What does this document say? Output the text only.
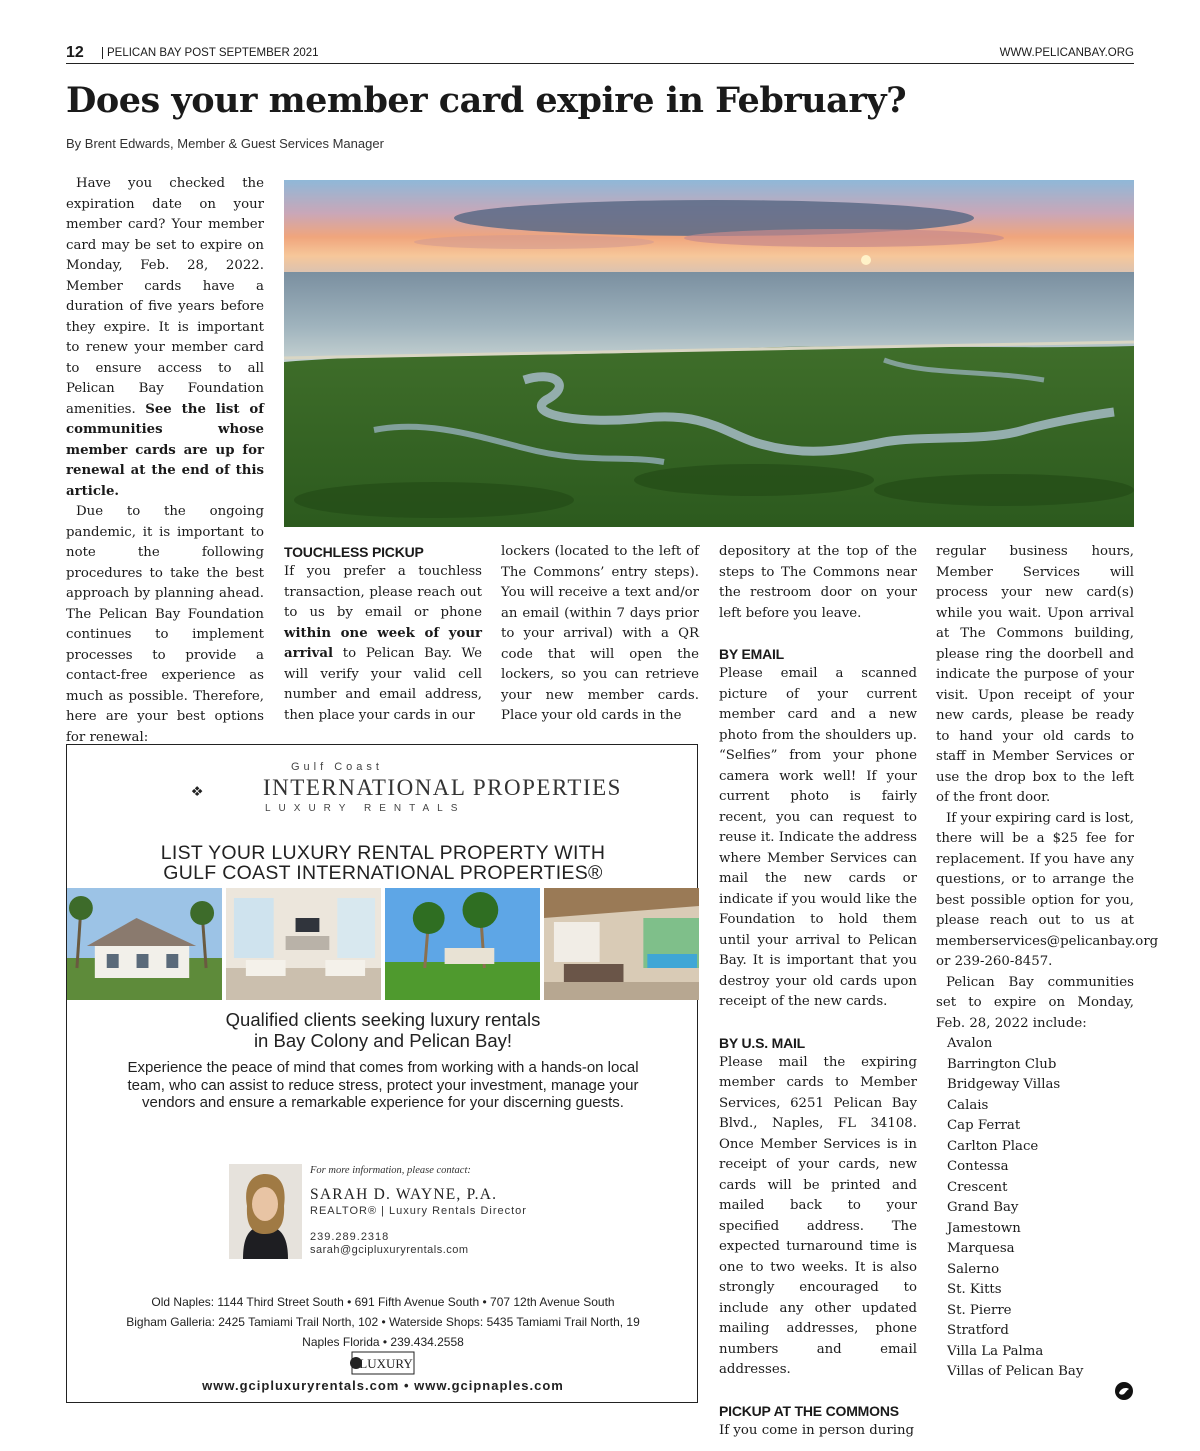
12	PELICAN BAY POST SEPTEMBER 2021	WWW.PELICANBAY.ORG
Does your member card expire in February?
By Brent Edwards, Member & Guest Services Manager

Have you checked the expiration date on your member card? Your member card may be set to expire on Monday, Feb. 28, 2022. Member cards have a duration of five years before they expire. It is important to renew your member card to ensure access to all Pelican Bay Foundation amenities. See the list of communities whose member cards are up for renewal at the end of this article.

Due to the ongoing pandemic, it is important to note the following procedures to take the best approach by planning ahead. The Pelican Bay Foundation continues to implement processes to provide a contact-free experience as much as possible. Therefore, here are your best options for renewal:

TOUCHLESS PICKUP

If you prefer a touchless transaction, please reach out to us by email or phone within one week of your arrival to Pelican Bay. We will verify your valid cell number and email address, then place your cards in our

lockers (located to the left of The Commons’ entry steps). You will receive a text and/or an email (within 7 days prior to your arrival) with a QR code that will open the lockers, so you can retrieve your new member cards. Place your old cards in the

depository at the top of the steps to The Commons near the restroom door on your left before you leave.

BY EMAIL

Please email a scanned picture of your current member card and a new photo from the shoulders up. “Selfies” from your phone camera work well! If your current photo is fairly recent, you can request to reuse it. Indicate the address where Member Services can mail the new cards or indicate if you would like the Foundation to hold them until your arrival to Pelican Bay. It is important that you destroy your old cards upon receipt of the new cards.

BY U.S. MAIL

Please mail the expiring member cards to Member Services, 6251 Pelican Bay Blvd., Naples, FL 34108. Once Member Services is in receipt of your cards, new cards will be printed and mailed back to your specified address. The expected turnaround time is one to two weeks. It is also strongly encouraged to include any other updated mailing addresses, phone numbers and email addresses.

PICKUP AT THE COMMONS

If you come in person during

regular business hours, Member Services will process your new card(s) while you wait. Upon arrival at The Commons building, please ring the doorbell and indicate the purpose of your visit. Upon receipt of your new cards, please be ready to hand your old cards to staff in Member Services or use the drop box to the left of the front door.

If your expiring card is lost, there will be a $25 fee for replacement. If you have any questions, or to arrange the best possible option for you, please reach out to us at memberservices@pelicanbay.org or 239-260-8457.

Pelican Bay communities set to expire on Monday, Feb. 28, 2022 include:

Avalon
Barrington Club
Bridgeway Villas
Calais
Cap Ferrat
Carlton Place
Contessa
Crescent
Grand Bay
Jamestown
Marquesa
Salerno
St. Kitts
St. Pierre
Stratford
Villa La Palma
Villas of Pelican Bay
Gulf Coast
INTERNATIONAL PROPERTIES
LUXURY RENTALS
LIST YOUR LUXURY RENTAL PROPERTY WITH
GULF COAST INTERNATIONAL PROPERTIES®
Qualified clients seeking luxury rentals
in Bay Colony and Pelican Bay!
Experience the peace of mind that comes from working with a hands-on local team, who can assist to reduce stress, protect your investment, manage your vendors and ensure a remarkable experience for your discerning guests.
For more information, please contact:
SARAH D. WAYNE, P.A.
REALTOR® | Luxury Rentals Director
239.289.2318
sarah@gcipluxuryrentals.com
Old Naples: 1144 Third Street South • 691 Fifth Avenue South • 707 12th Avenue South
Bigham Galleria: 2425 Tamiami Trail North, 102 • Waterside Shops: 5435 Tamiami Trail North, 19
Naples Florida • 239.434.2558
LUXURY
www.gcipluxuryrentals.com • www.gcipnaples.com
